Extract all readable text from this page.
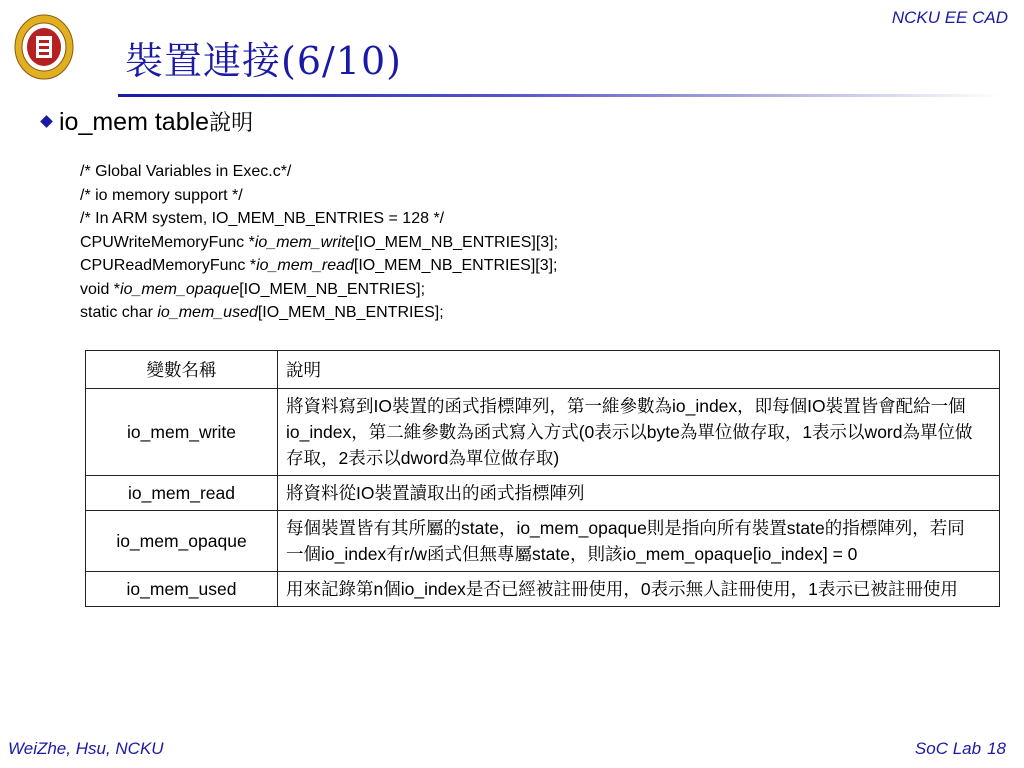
NCKU EE CAD
裝置連接(6/10)
io_mem table說明
/* Global Variables in Exec.c*/
/* io memory support */
/* In ARM system, IO_MEM_NB_ENTRIES = 128 */
CPUWriteMemoryFunc *io_mem_write[IO_MEM_NB_ENTRIES][3];
CPUReadMemoryFunc *io_mem_read[IO_MEM_NB_ENTRIES][3];
void *io_mem_opaque[IO_MEM_NB_ENTRIES];
static char io_mem_used[IO_MEM_NB_ENTRIES];
變數名稱	說明
io_mem_write	將資料寫到IO裝置的函式指標陣列，第一維參數為io_index，即每個IO裝置皆會配給一個io_index，第二維參數為函式寫入方式(0表示以byte為單位做存取，1表示以word為單位做存取，2表示以dword為單位做存取)
io_mem_read	將資料從IO裝置讀取出的函式指標陣列
io_mem_opaque	每個裝置皆有其所屬的state，io_mem_opaque則是指向所有裝置state的指標陣列，若同一個io_index有r/w函式但無專屬state，則該io_mem_opaque[io_index] = 0
io_mem_used	用來記錄第n個io_index是否已經被註冊使用，0表示無人註冊使用，1表示已被註冊使用
WeiZhe, Hsu, NCKU	SoC Lab 18
